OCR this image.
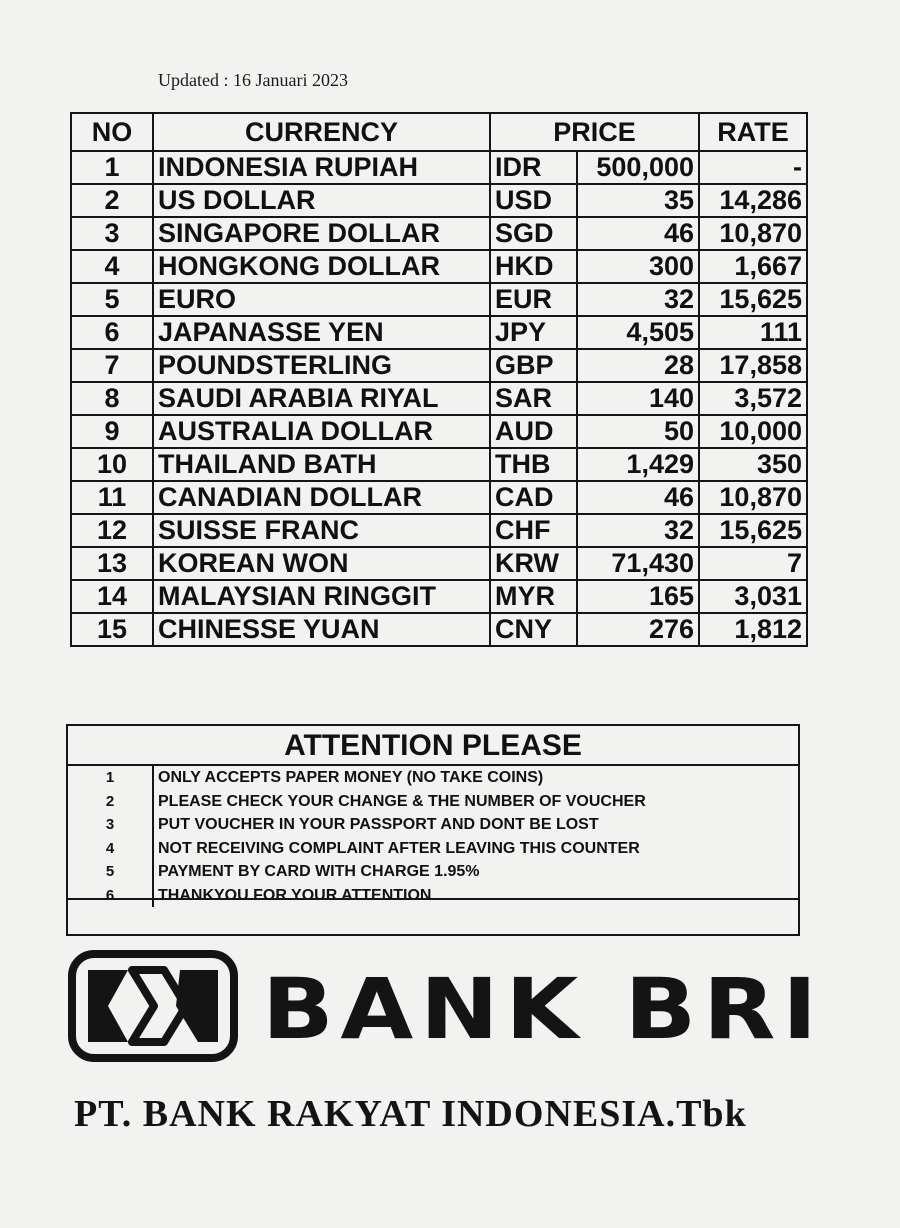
Updated : 16 Januari 2023
NO	CURRENCY	PRICE		RATE
1	INDONESIA RUPIAH	IDR	500,000	-
2	US DOLLAR	USD	35	14,286
3	SINGAPORE DOLLAR	SGD	46	10,870
4	HONGKONG DOLLAR	HKD	300	1,667
5	EURO	EUR	32	15,625
6	JAPANASSE YEN	JPY	4,505	111
7	POUNDSTERLING	GBP	28	17,858
8	SAUDI ARABIA RIYAL	SAR	140	3,572
9	AUSTRALIA DOLLAR	AUD	50	10,000
10	THAILAND BATH	THB	1,429	350
11	CANADIAN DOLLAR	CAD	46	10,870
12	SUISSE FRANC	CHF	32	15,625
13	KOREAN WON	KRW	71,430	7
14	MALAYSIAN RINGGIT	MYR	165	3,031
15	CHINESSE YUAN	CNY	276	1,812
ATTENTION PLEASE
1	ONLY ACCEPTS PAPER MONEY (NO TAKE COINS)
2	PLEASE CHECK YOUR CHANGE & THE NUMBER OF VOUCHER
3	PUT VOUCHER IN YOUR PASSPORT AND DONT BE LOST
4	NOT RECEIVING COMPLAINT AFTER LEAVING THIS COUNTER
5	PAYMENT BY CARD WITH CHARGE 1.95%
6	THANKYOU FOR YOUR ATTENTION
BANK BRI
PT. BANK RAKYAT INDONESIA.Tbk
